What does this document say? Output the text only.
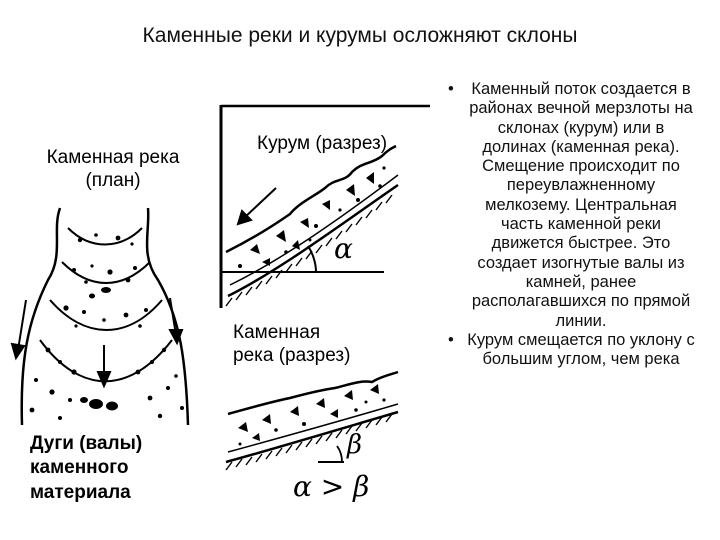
Каменные реки и курумы осложняют склоны
Каменная река
(план)
Курум (разрез)
Каменная
река (разрез)
Дуги (валы)
каменного
материала
α
β
α > β
• Каменный поток создается в районах вечной мерзлоты на склонах (курум) или в долинах (каменная река). Смещение происходит по переувлажненному мелкозему. Центральная часть каменной реки движется быстрее. Это создает изогнутые валы из камней, ранее располагавшихся по прямой линии.
• Курум смещается по уклону с большим углом, чем река
